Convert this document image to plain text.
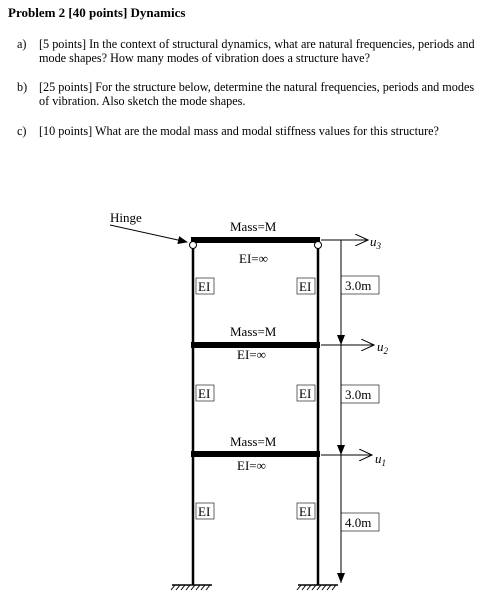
Problem 2 [40 points] Dynamics
a) [5 points] In the context of structural dynamics, what are natural frequencies, periods and mode shapes? How many modes of vibration does a structure have?
b) [25 points] For the structure below, determine the natural frequencies, periods and modes of vibration. Also sketch the mode shapes.
c) [10 points] What are the modal mass and modal stiffness values for this structure?
Hinge
Mass=M
EI=∞
Mass=M
EI=∞
Mass=M
EI=∞
EI	EI
EI	EI
EI	EI
3.0m
3.0m
4.0m
$u_3$
$u_2$
$u_1$
